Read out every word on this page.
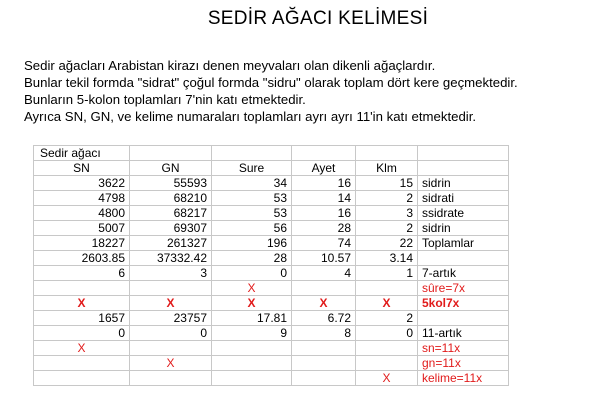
SEDİR AĞACI KELİMESİ
Sedir ağacları Arabistan kirazı denen meyvaları olan dikenli ağaçlardır.
Bunlar tekil formda "sidrat" çoğul formda "sidru" olarak toplam dört kere geçmektedir.
Bunların 5-kolon toplamları 7'nin katı etmektedir.
Ayrıca SN, GN, ve kelime numaraları toplamları ayrı ayrı 11'in katı etmektedir.
Sedir ağacı					
SN	GN	Sure	Ayet	Klm	
3622	55593	34	16	15	sidrin
4798	68210	53	14	2	sidrati
4800	68217	53	16	3	ssidrate
5007	69307	56	28	2	sidrin
18227	261327	196	74	22	Toplamlar
2603.85	37332.42	28	10.57	3.14	
6	3	0	4	1	7-artık
		X			sûre=7x
X	X	X	X	X	5kol7x
1657	23757	17.81	6.72	2	
0	0	9	8	0	11-artık
X					sn=11x
	X				gn=11x
				X	kelime=11x
